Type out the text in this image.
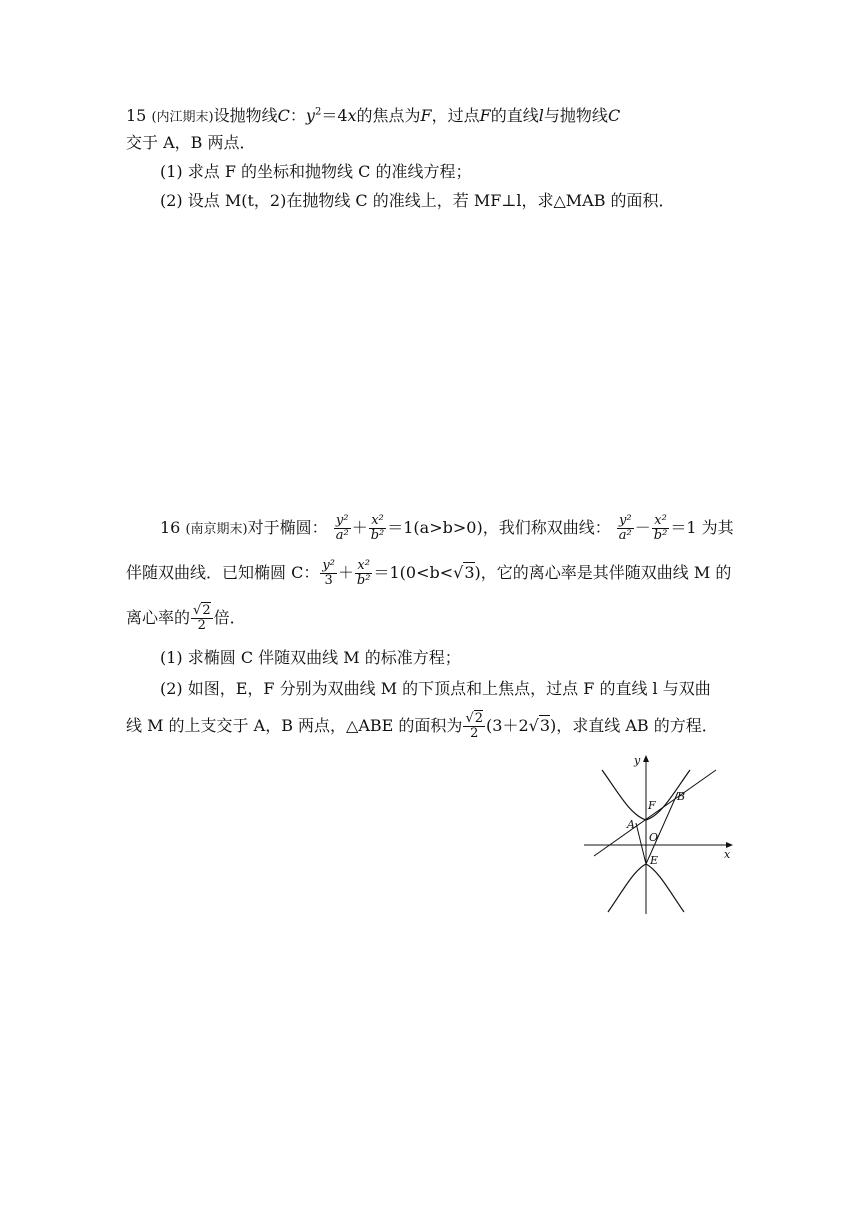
15 (内江期末)设抛物线C：$y^2=4x$的焦点为F，过点F的直线l与抛物线C
交于 A，B 两点．
(1) 求点 F 的坐标和抛物线 C 的准线方程；
(2) 设点 M(t，2)在抛物线 C 的准线上，若 MF⊥l，求△MAB 的面积．
16 (南京期末)对于椭圆： $\frac{\text{y²}}{\text{a²}} + \frac{\text{x²}}{\text{b²}} =1(a>b>0)$，我们称双曲线： $\frac{\text{y²}}{\text{a²}} - \frac{\text{x²}}{\text{b²}} =1$ 为其
伴随双曲线．已知椭圆 C： $\frac{\text{y²}}{3} + \frac{\text{x²}}{\text{b²}} =1(0<b<√3)$，它的离心率是其伴随双曲线 M 的
离心率的 $\frac{√2}{2}$ 倍．
(1) 求椭圆 C 伴随双曲线 M 的标准方程；
(2) 如图，E，F 分别为双曲线 M 的下顶点和上焦点，过点 F 的直线 l 与双曲
线 M 的上支交于 A，B 两点，△ABE 的面积为 $\frac{√2}{2} (3+2√3)$，求直线 AB 的方程．
y
x
F
B
A
O
E
